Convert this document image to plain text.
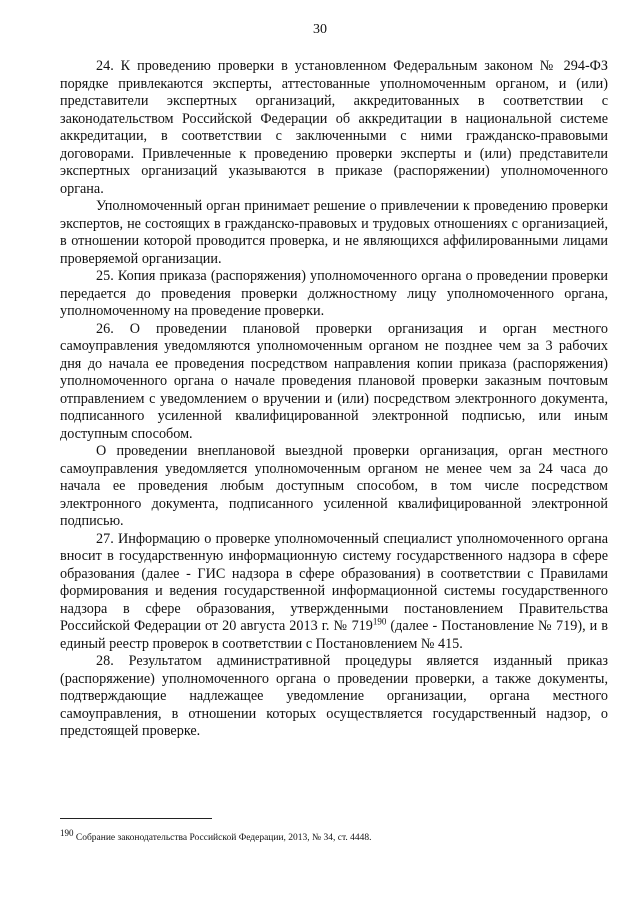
30

24. К проведению проверки в установленном Федеральным законом № 294-ФЗ порядке привлекаются эксперты, аттестованные уполномоченным органом, и (или) представители экспертных организаций, аккредитованных в соответствии с законодательством Российской Федерации об аккредитации в национальной системе аккредитации, в соответствии с заключенными с ними гражданско-правовыми договорами. Привлеченные к проведению проверки эксперты и (или) представители экспертных организаций указываются в приказе (распоряжении) уполномоченного органа.

Уполномоченный орган принимает решение о привлечении к проведению проверки экспертов, не состоящих в гражданско-правовых и трудовых отношениях с организацией, в отношении которой проводится проверка, и не являющихся аффилированными лицами проверяемой организации.

25. Копия приказа (распоряжения) уполномоченного органа о проведении проверки передается до проведения проверки должностному лицу уполномоченного органа, уполномоченному на проведение проверки.

26. О проведении плановой проверки организация и орган местного самоуправления уведомляются уполномоченным органом не позднее чем за 3 рабочих дня до начала ее проведения посредством направления копии приказа (распоряжения) уполномоченного органа о начале проведения плановой проверки заказным почтовым отправлением с уведомлением о вручении и (или) посредством электронного документа, подписанного усиленной квалифицированной электронной подписью, или иным доступным способом.

О проведении внеплановой выездной проверки организация, орган местного самоуправления уведомляется уполномоченным органом не менее чем за 24 часа до начала ее проведения любым доступным способом, в том числе посредством электронного документа, подписанного усиленной квалифицированной электронной подписью.

27. Информацию о проверке уполномоченный специалист уполномоченного органа вносит в государственную информационную систему государственного надзора в сфере образования (далее - ГИС надзора в сфере образования) в соответствии с Правилами формирования и ведения государственной информационной системы государственного надзора в сфере образования, утвержденными постановлением Правительства Российской Федерации от 20 августа 2013 г. № $719^{190}$ (далее - Постановление № 719), и в единый реестр проверок в соответствии с Постановлением № 415.

28. Результатом административной процедуры является изданный приказ (распоряжение) уполномоченного органа о проведении проверки, а также документы, подтверждающие надлежащее уведомление организации, органа местного самоуправления, в отношении которых осуществляется государственный надзор, о предстоящей проверке.

$^{190}$ Собрание законодательства Российской Федерации, 2013, № 34, ст. 4448.
